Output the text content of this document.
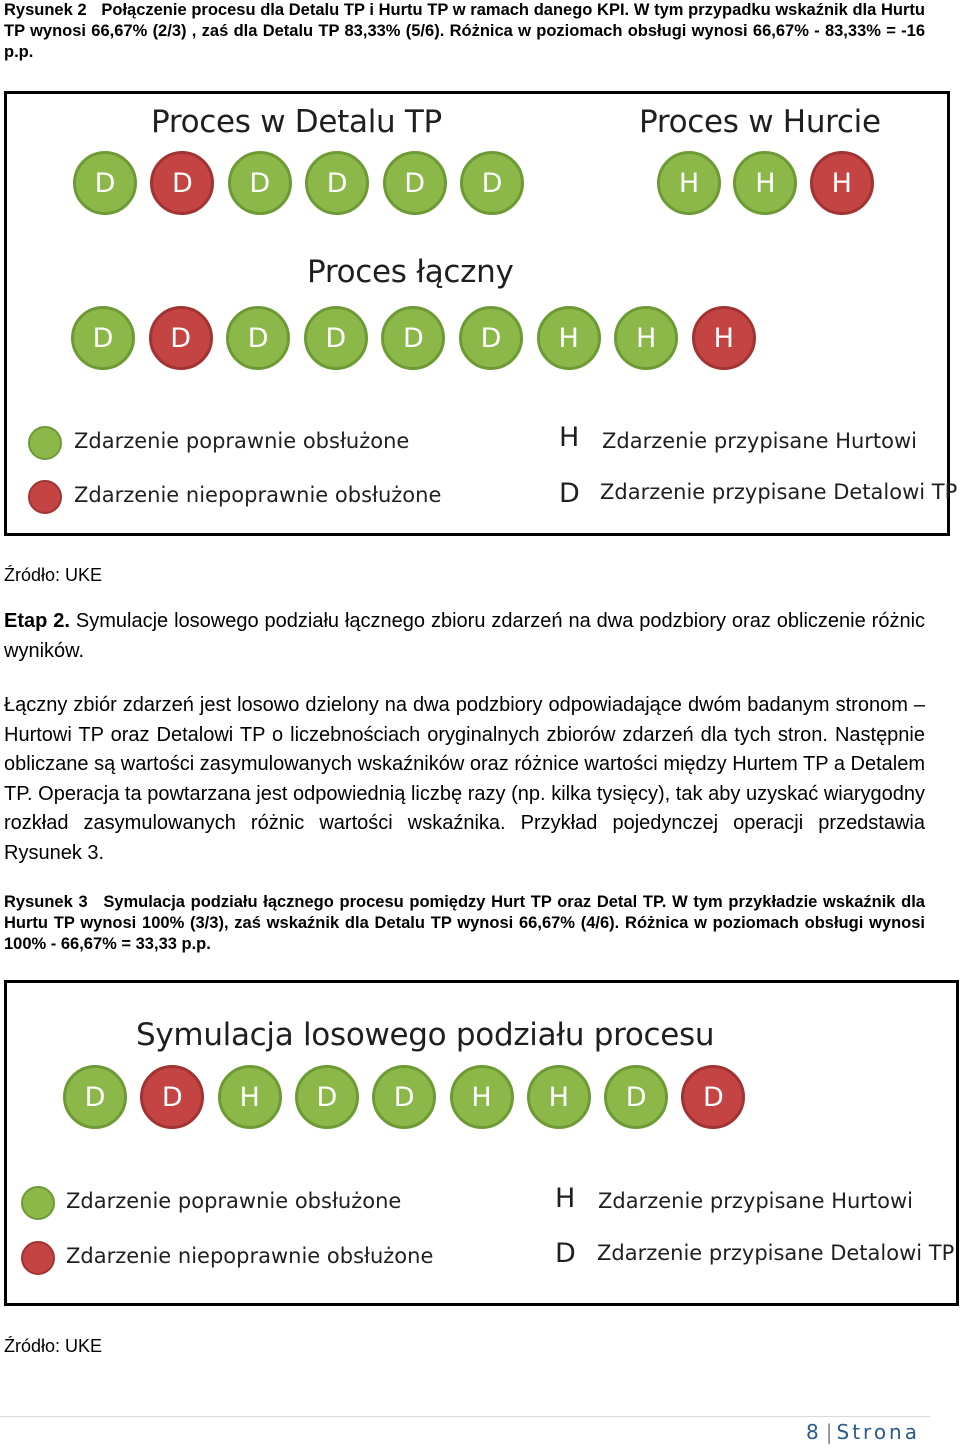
Rysunek 2 Połączenie procesu dla Detalu TP i Hurtu TP w ramach danego KPI. W tym przypadku wskaźnik dla Hurtu TP wynosi 66,67% (2/3) , zaś dla Detalu TP 83,33% (5/6). Różnica w poziomach obsługi wynosi 66,67% - 83,33% = -16 p.p.
Proces w Detalu TP	Proces w Hurcie
D	D	D	D	D	D	H	H	H
Proces łączny
D	D	D	D	D	D	H	H	H
Zdarzenie poprawnie obsłużone
Zdarzenie niepoprawnie obsłużone
H Zdarzenie przypisane Hurtowi
D Zdarzenie przypisane Detalowi TP
Źródło: UKE
Etap 2. Symulacje losowego podziału łącznego zbioru zdarzeń na dwa podzbiory oraz obliczenie różnic wyników.
Łączny zbiór zdarzeń jest losowo dzielony na dwa podzbiory odpowiadające dwóm badanym stronom – Hurtowi TP oraz Detalowi TP o liczebnościach oryginalnych zbiorów zdarzeń dla tych stron. Następnie obliczane są wartości zasymulowanych wskaźników oraz różnice wartości między Hurtem TP a Detalem TP. Operacja ta powtarzana jest odpowiednią liczbę razy (np. kilka tysięcy), tak aby uzyskać wiarygodny rozkład zasymulowanych różnic wartości wskaźnika. Przykład pojedynczej operacji przedstawia Rysunek 3.
Rysunek 3 Symulacja podziału łącznego procesu pomiędzy Hurt TP oraz Detal TP. W tym przykładzie wskaźnik dla Hurtu TP wynosi 100% (3/3), zaś wskaźnik dla Detalu TP wynosi 66,67% (4/6). Różnica w poziomach obsługi wynosi 100% - 66,67% = 33,33 p.p.
Symulacja losowego podziału procesu
D	D	H	D	D	H	H	D	D
Zdarzenie poprawnie obsłużone
Zdarzenie niepoprawnie obsłużone
H Zdarzenie przypisane Hurtowi
D Zdarzenie przypisane Detalowi TP
Źródło: UKE
8 | Strona
